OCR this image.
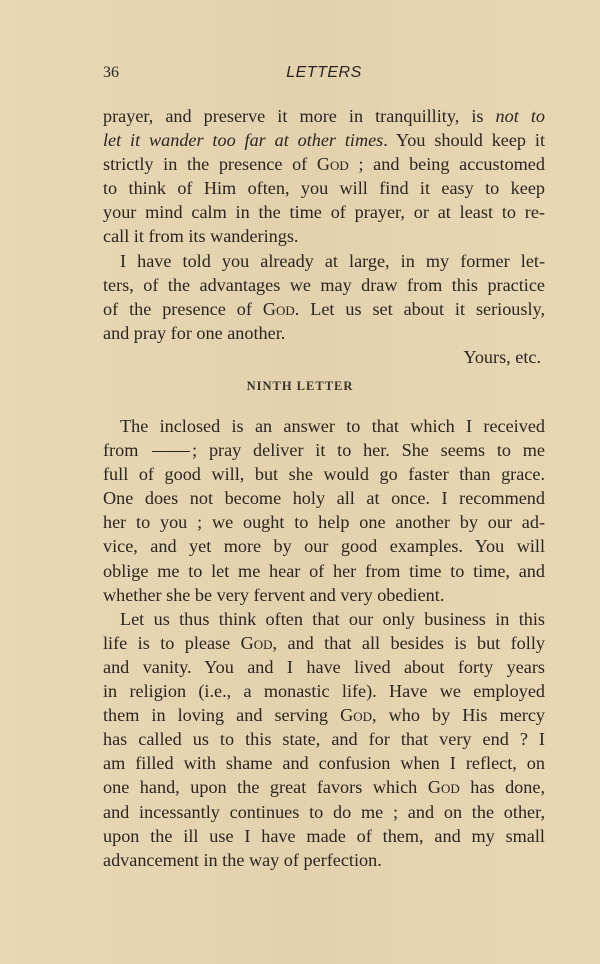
36	LETTERS
prayer, and preserve it more in tranquillity, is not to
let it wander too far at other times. You should keep it
strictly in the presence of God ; and being accustomed
to think of Him often, you will find it easy to keep
your mind calm in the time of prayer, or at least to re-
call it from its wanderings.
I have told you already at large, in my former let-
ters, of the advantages we may draw from this practice
of the presence of God. Let us set about it seriously,
and pray for one another.
Yours, etc.
NINTH LETTER
The inclosed is an answer to that which I received
from ; pray deliver it to her. She seems to me
full of good will, but she would go faster than grace.
One does not become holy all at once. I recommend
her to you ; we ought to help one another by our ad-
vice, and yet more by our good examples. You will
oblige me to let me hear of her from time to time, and
whether she be very fervent and very obedient.
Let us thus think often that our only business in this
life is to please God, and that all besides is but folly
and vanity. You and I have lived about forty years
in religion (i.e., a monastic life). Have we employed
them in loving and serving God, who by His mercy
has called us to this state, and for that very end ? I
am filled with shame and confusion when I reflect, on
one hand, upon the great favors which God has done,
and incessantly continues to do me ; and on the other,
upon the ill use I have made of them, and my small
advancement in the way of perfection.
